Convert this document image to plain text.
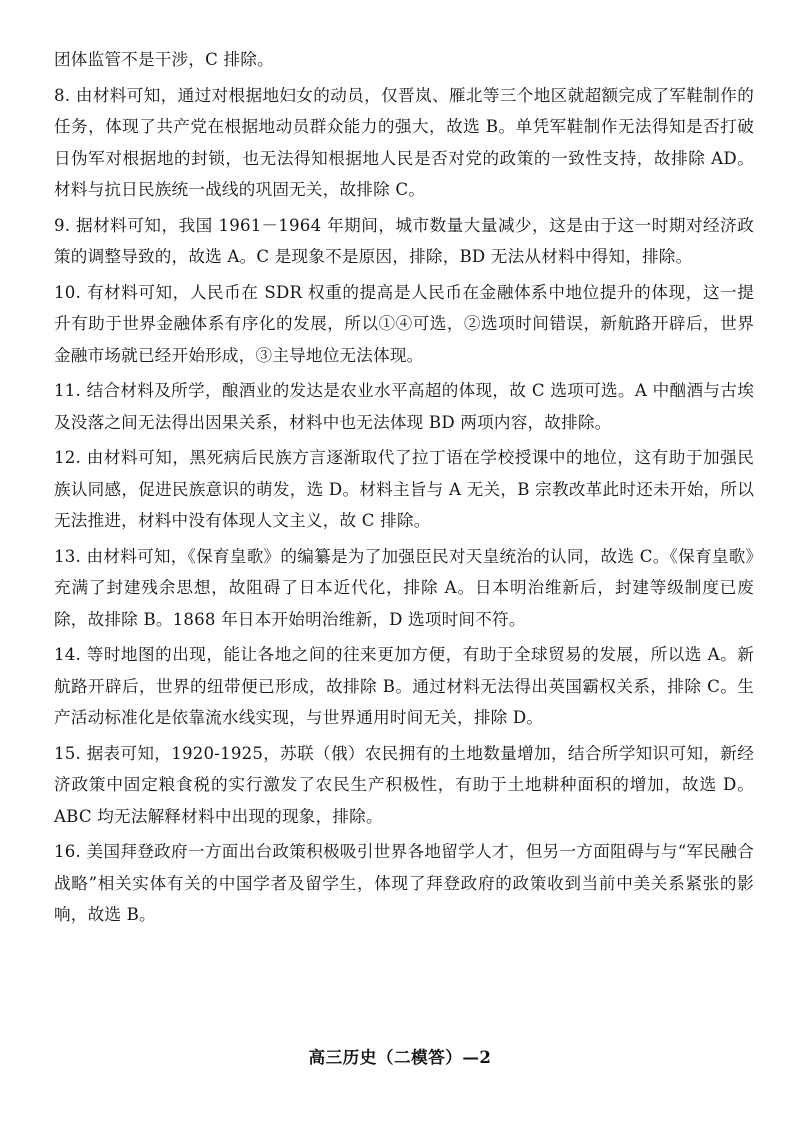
团体监管不是干涉，C 排除。

8. 由材料可知，通过对根据地妇女的动员，仅晋岚、雁北等三个地区就超额完成了军鞋制作的任务，体现了共产党在根据地动员群众能力的强大，故选 B。单凭军鞋制作无法得知是否打破日伪军对根据地的封锁，也无法得知根据地人民是否对党的政策的一致性支持，故排除 AD。材料与抗日民族统一战线的巩固无关，故排除 C。

9. 据材料可知，我国 1961－1964 年期间，城市数量大量减少，这是由于这一时期对经济政策的调整导致的，故选 A。C 是现象不是原因，排除，BD 无法从材料中得知，排除。

10. 有材料可知，人民币在 SDR 权重的提高是人民币在金融体系中地位提升的体现，这一提升有助于世界金融体系有序化的发展，所以①④可选，②选项时间错误，新航路开辟后，世界金融市场就已经开始形成，③主导地位无法体现。

11. 结合材料及所学，酿酒业的发达是农业水平高超的体现，故 C 选项可选。A 中酗酒与古埃及没落之间无法得出因果关系，材料中也无法体现 BD 两项内容，故排除。

12. 由材料可知，黑死病后民族方言逐渐取代了拉丁语在学校授课中的地位，这有助于加强民族认同感，促进民族意识的萌发，选 D。材料主旨与 A 无关，B 宗教改革此时还未开始，所以无法推进，材料中没有体现人文主义，故 C 排除。

13. 由材料可知，《保育皇歌》的编纂是为了加强臣民对天皇统治的认同，故选 C。《保育皇歌》充满了封建残余思想，故阻碍了日本近代化，排除 A。日本明治维新后，封建等级制度已废除，故排除 B。1868 年日本开始明治维新，D 选项时间不符。

14. 等时地图的出现，能让各地之间的往来更加方便，有助于全球贸易的发展，所以选 A。新航路开辟后，世界的纽带便已形成，故排除 B。通过材料无法得出英国霸权关系，排除 C。生产活动标准化是依靠流水线实现，与世界通用时间无关，排除 D。

15. 据表可知，1920-1925，苏联（俄）农民拥有的土地数量增加，结合所学知识可知，新经济政策中固定粮食税的实行激发了农民生产积极性，有助于土地耕种面积的增加，故选 D。ABC 均无法解释材料中出现的现象，排除。

16. 美国拜登政府一方面出台政策积极吸引世界各地留学人才，但另一方面阻碍与与“军民融合战略”相关实体有关的中国学者及留学生，体现了拜登政府的政策收到当前中美关系紧张的影响，故选 B。

高三历史（二模答）—2
